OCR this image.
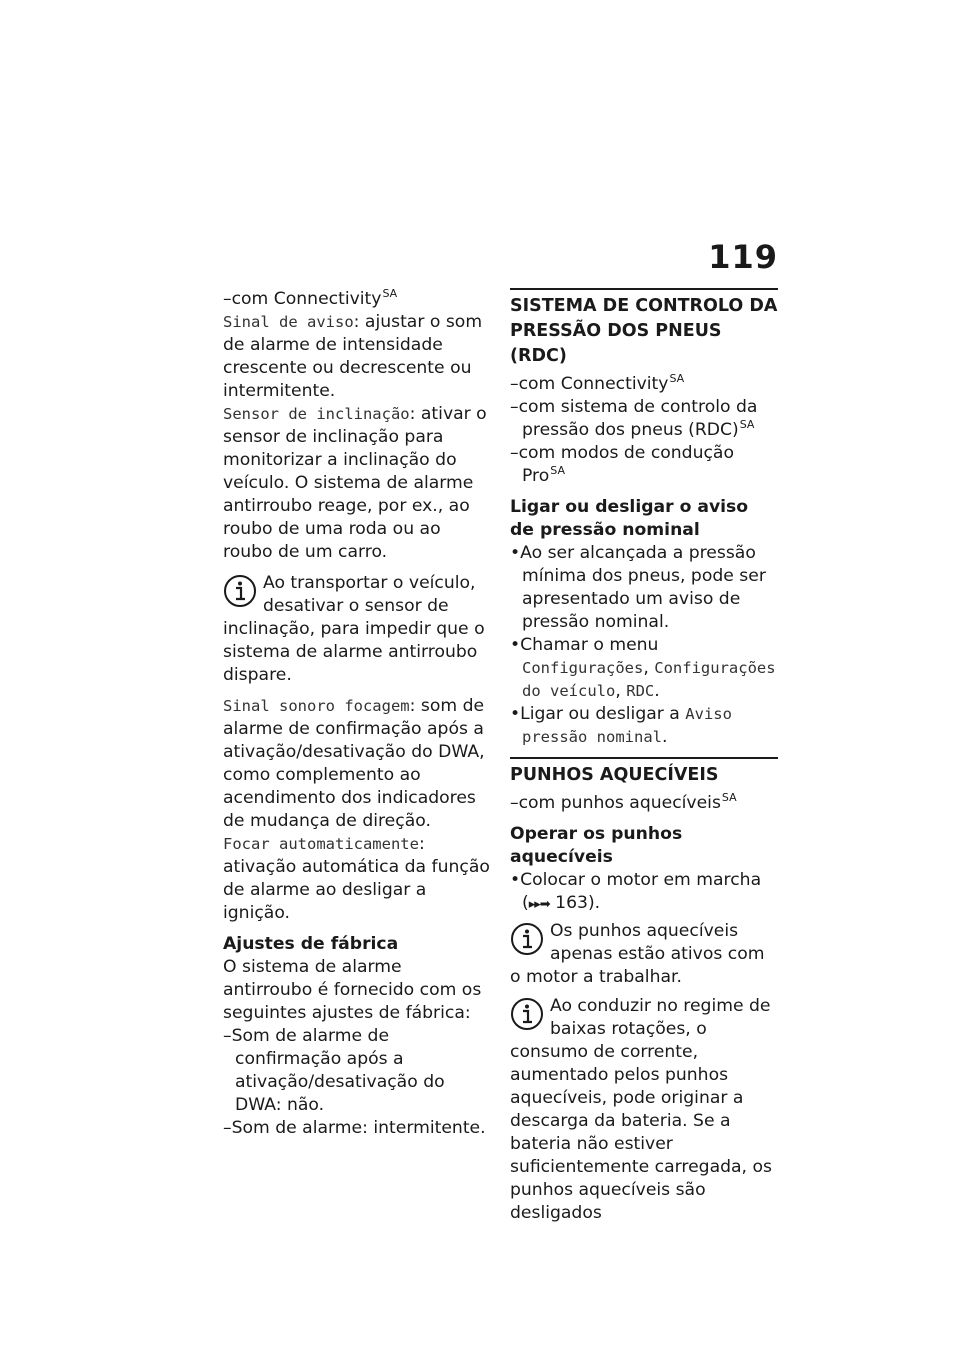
119

–com Connectivity$^{SA}$

Sinal de aviso: ajustar o som de alarme de intensidade crescente ou decrescente ou intermitente.

Sensor de inclinação: ativar o sensor de inclinação para monitorizar a inclinação do veículo. O sistema de alarme antirroubo reage, por ex., ao roubo de uma roda ou ao roubo de um carro.

Ao transportar o veículo, desativar o sensor de inclinação, para impedir que o sistema de alarme antirroubo dispare.

Sinal sonoro focagem: som de alarme de confirmação após a ativação/desativação do DWA, como complemento ao acendimento dos indicadores de mudança de direção.

Focar automaticamente: ativação automática da função de alarme ao desligar a ignição.

Ajustes de fábrica

O sistema de alarme antirroubo é fornecido com os seguintes ajustes de fábrica:

–Som de alarme de confirmação após a ativação/desativação do DWA: não.

–Som de alarme: intermitente.

SISTEMA DE CONTROLO DA PRESSÃO DOS PNEUS (RDC)

–com Connectivity$^{SA}$

–com sistema de controlo da pressão dos pneus (RDC)$^{SA}$

–com modos de condução Pro$^{SA}$

Ligar ou desligar o aviso de pressão nominal

•Ao ser alcançada a pressão mínima dos pneus, pode ser apresentado um aviso de pressão nominal.

•Chamar o menu Configurações, Configurações do veículo, RDC.

•Ligar ou desligar a Aviso pressão nominal.

PUNHOS AQUECÍVEIS

–com punhos aquecíveis$^{SA}$

Operar os punhos aquecíveis

•Colocar o motor em marcha (▸▸➡ 163).

Os punhos aquecíveis apenas estão ativos com o motor a trabalhar.
Ao conduzir no regime de baixas rotações, o consumo de corrente, aumentado pelos punhos aquecíveis, pode originar a descarga da bateria. Se a bateria não estiver suficientemente carregada, os punhos aquecíveis são desligados
